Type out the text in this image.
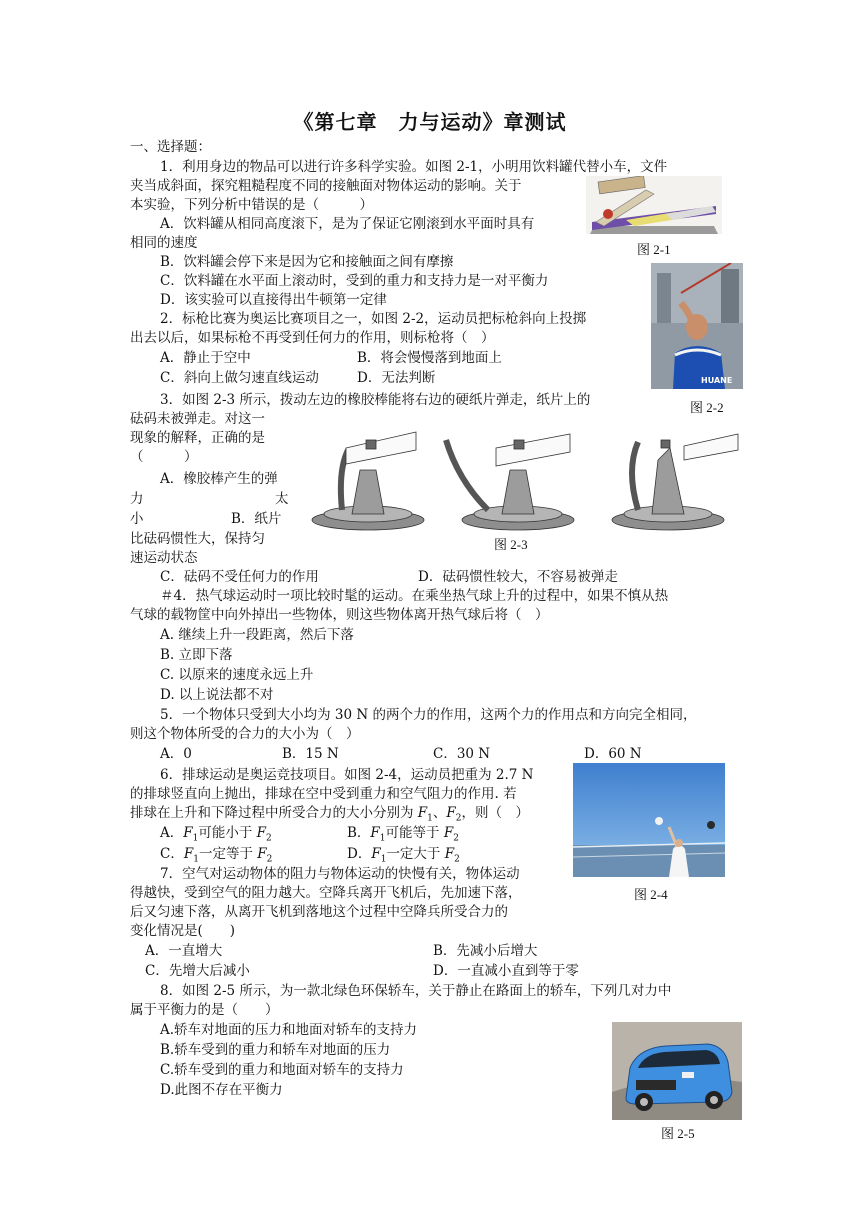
《第七章　力与运动》章测试
一、选择题：
1．利用身边的物品可以进行许多科学实验。如图 2-1，小明用饮料罐代替小车，文件
夹当成斜面，探究粗糙程度不同的接触面对物体运动的影响。关于
本实验，下列分析中错误的是（　　　）
A．饮料罐从相同高度滚下，是为了保证它刚滚到水平面时具有
相同的速度
B．饮料罐会停下来是因为它和接触面之间有摩擦
C．饮料罐在水平面上滚动时，受到的重力和支持力是一对平衡力
D．该实验可以直接得出牛顿第一定律
图 2-1
2．标枪比赛为奥运比赛项目之一，如图 2-2，运动员把标枪斜向上投掷
出去以后，如果标枪不再受到任何力的作用，则标枪将（　）
A．静止于空中	B．将会慢慢落到地面上
C．斜向上做匀速直线运动	D．无法判断	HUANE
图 2-2
3．如图 2-3 所示，拨动左边的橡胶棒能将右边的硬纸片弹走，纸片上的
砝码未被弹走。对这一
现象的解释，正确的是
（　　　）
A．橡胶棒产生的弹
力	太
小	B．纸片
比砝码惯性大，保持匀
速运动状态
C．砝码不受任何力的作用	D．砝码惯性较大，不容易被弹走
图 2-3
＃4．热气球运动时一项比较时髦的运动。在乘坐热气球上升的过程中，如果不慎从热
气球的载物筐中向外掉出一些物体，则这些物体离开热气球后将（　）
A. 继续上升一段距离，然后下落
B. 立即下落
C. 以原来的速度永远上升
D. 以上说法都不对
5．一个物体只受到大小均为 30 N 的两个力的作用，这两个力的作用点和方向完全相同，
则这个物体所受的合力的大小为（　）
A．0	B．15 N	C．30 N	D．60 N
6．排球运动是奥运竞技项目。如图 2-4，运动员把重为 2.7 N
的排球竖直向上抛出，排球在空中受到重力和空气阻力的作用. 若
排球在上升和下降过程中所受合力的大小分别为 $F_1$、$F_2$，则（　）
A．$F_1$可能小于 $F_2$	B．$F_1$可能等于 $F_2$
C．$F_1$一定等于 $F_2$	D．$F_1$一定大于 $F_2$
图 2-4
7．空气对运动物体的阻力与物体运动的快慢有关，物体运动
得越快，受到空气的阻力越大。空降兵离开飞机后，先加速下落，
后又匀速下落，从离开飞机到落地这个过程中空降兵所受合力的
变化情况是(　　)
A．一直增大	B．先减小后增大
C．先增大后减小	D．一直减小直到等于零
8．如图 2-5 所示，为一款北绿色环保轿车，关于静止在路面上的轿车，下列几对力中
属于平衡力的是（　　）
A.轿车对地面的压力和地面对轿车的支持力
B.轿车受到的重力和轿车对地面的压力
C.轿车受到的重力和地面对轿车的支持力
D.此图不存在平衡力
图 2-5
